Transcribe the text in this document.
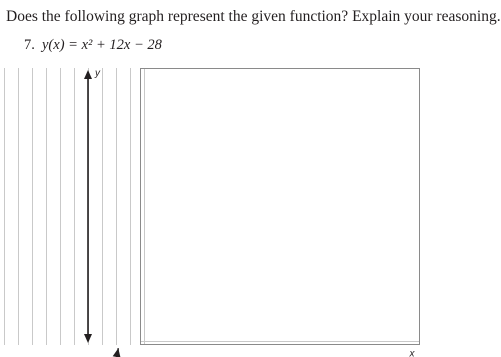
Does the following graph represent the given function? Explain your reasoning.
7. y(x) = x² + 12x − 28
x
y
